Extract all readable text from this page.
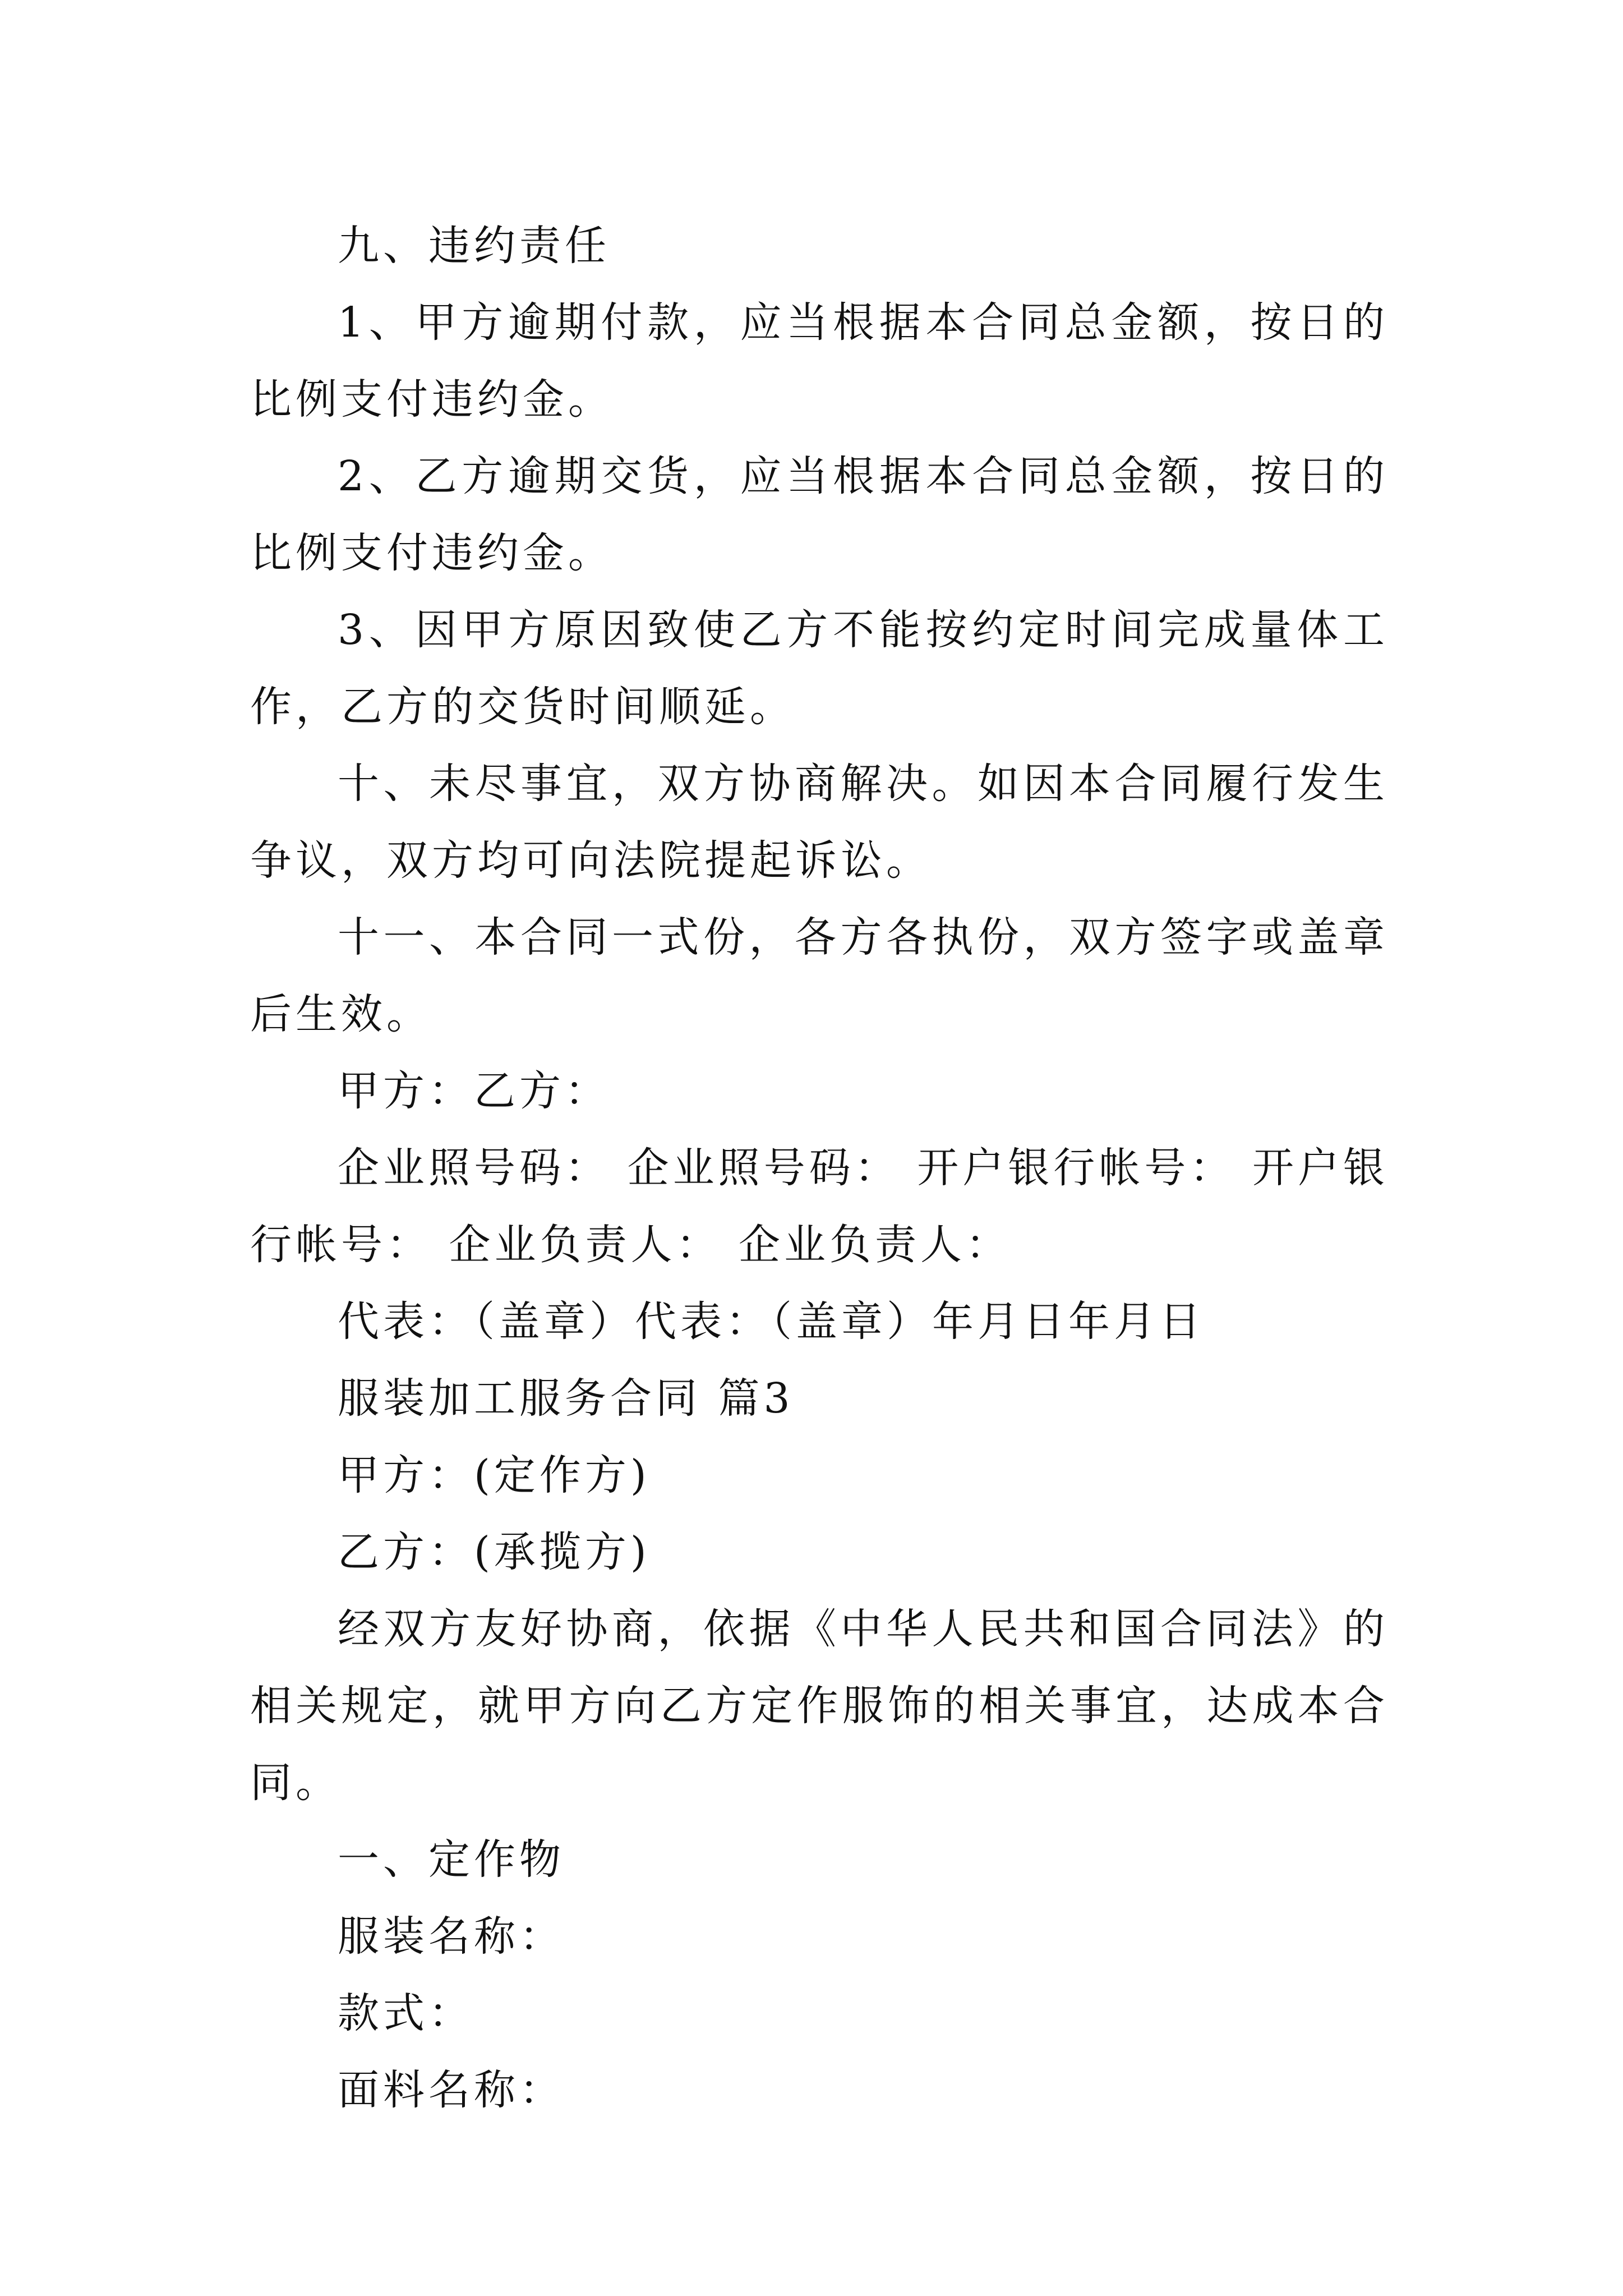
九、违约责任

1、甲方逾期付款，应当根据本合同总金额，按日的比例支付违约金。

2、乙方逾期交货，应当根据本合同总金额，按日的比例支付违约金。

3、因甲方原因致使乙方不能按约定时间完成量体工作，乙方的交货时间顺延。

十、未尽事宜，双方协商解决。如因本合同履行发生争议，双方均可向法院提起诉讼。

十一、本合同一式份，各方各执份，双方签字或盖章后生效。

甲方：乙方：

企业照号码： 企业照号码： 开户银行帐号： 开户银行帐号： 企业负责人： 企业负责人：

代表：（盖章）代表：（盖章）年月日年月日

服装加工服务合同 篇3

甲方：(定作方)

乙方：(承揽方)

经双方友好协商，依据《中华人民共和国合同法》的相关规定，就甲方向乙方定作服饰的相关事宜，达成本合同。

一、定作物

服装名称：

款式：

面料名称：
